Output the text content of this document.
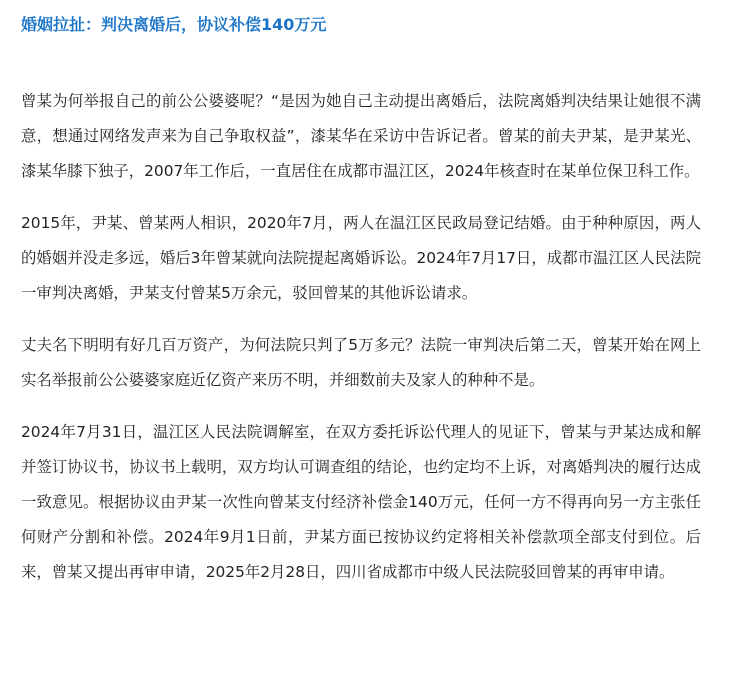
婚姻拉扯：判决离婚后，协议补偿140万元

曾某为何举报自己的前公公婆婆呢？“是因为她自己主动提出离婚后，法院离婚判决结果让她很不满意，想通过网络发声来为自己争取权益”，漆某华在采访中告诉记者。曾某的前夫尹某，是尹某光、漆某华膝下独子，2007年工作后，一直居住在成都市温江区，2024年核查时在某单位保卫科工作。

2015年，尹某、曾某两人相识，2020年7月，两人在温江区民政局登记结婚。由于种种原因，两人的婚姻并没走多远，婚后3年曾某就向法院提起离婚诉讼。2024年7月17日，成都市温江区人民法院一审判决离婚，尹某支付曾某5万余元，驳回曾某的其他诉讼请求。

丈夫名下明明有好几百万资产，为何法院只判了5万多元？法院一审判决后第二天，曾某开始在网上实名举报前公公婆婆家庭近亿资产来历不明，并细数前夫及家人的种种不是。

2024年7月31日，温江区人民法院调解室，在双方委托诉讼代理人的见证下，曾某与尹某达成和解并签订协议书，协议书上载明，双方均认可调查组的结论，也约定均不上诉，对离婚判决的履行达成一致意见。根据协议由尹某一次性向曾某支付经济补偿金140万元，任何一方不得再向另一方主张任何财产分割和补偿。2024年9月1日前，尹某方面已按协议约定将相关补偿款项全部支付到位。后来，曾某又提出再审申请，2025年2月28日，四川省成都市中级人民法院驳回曾某的再审申请。
